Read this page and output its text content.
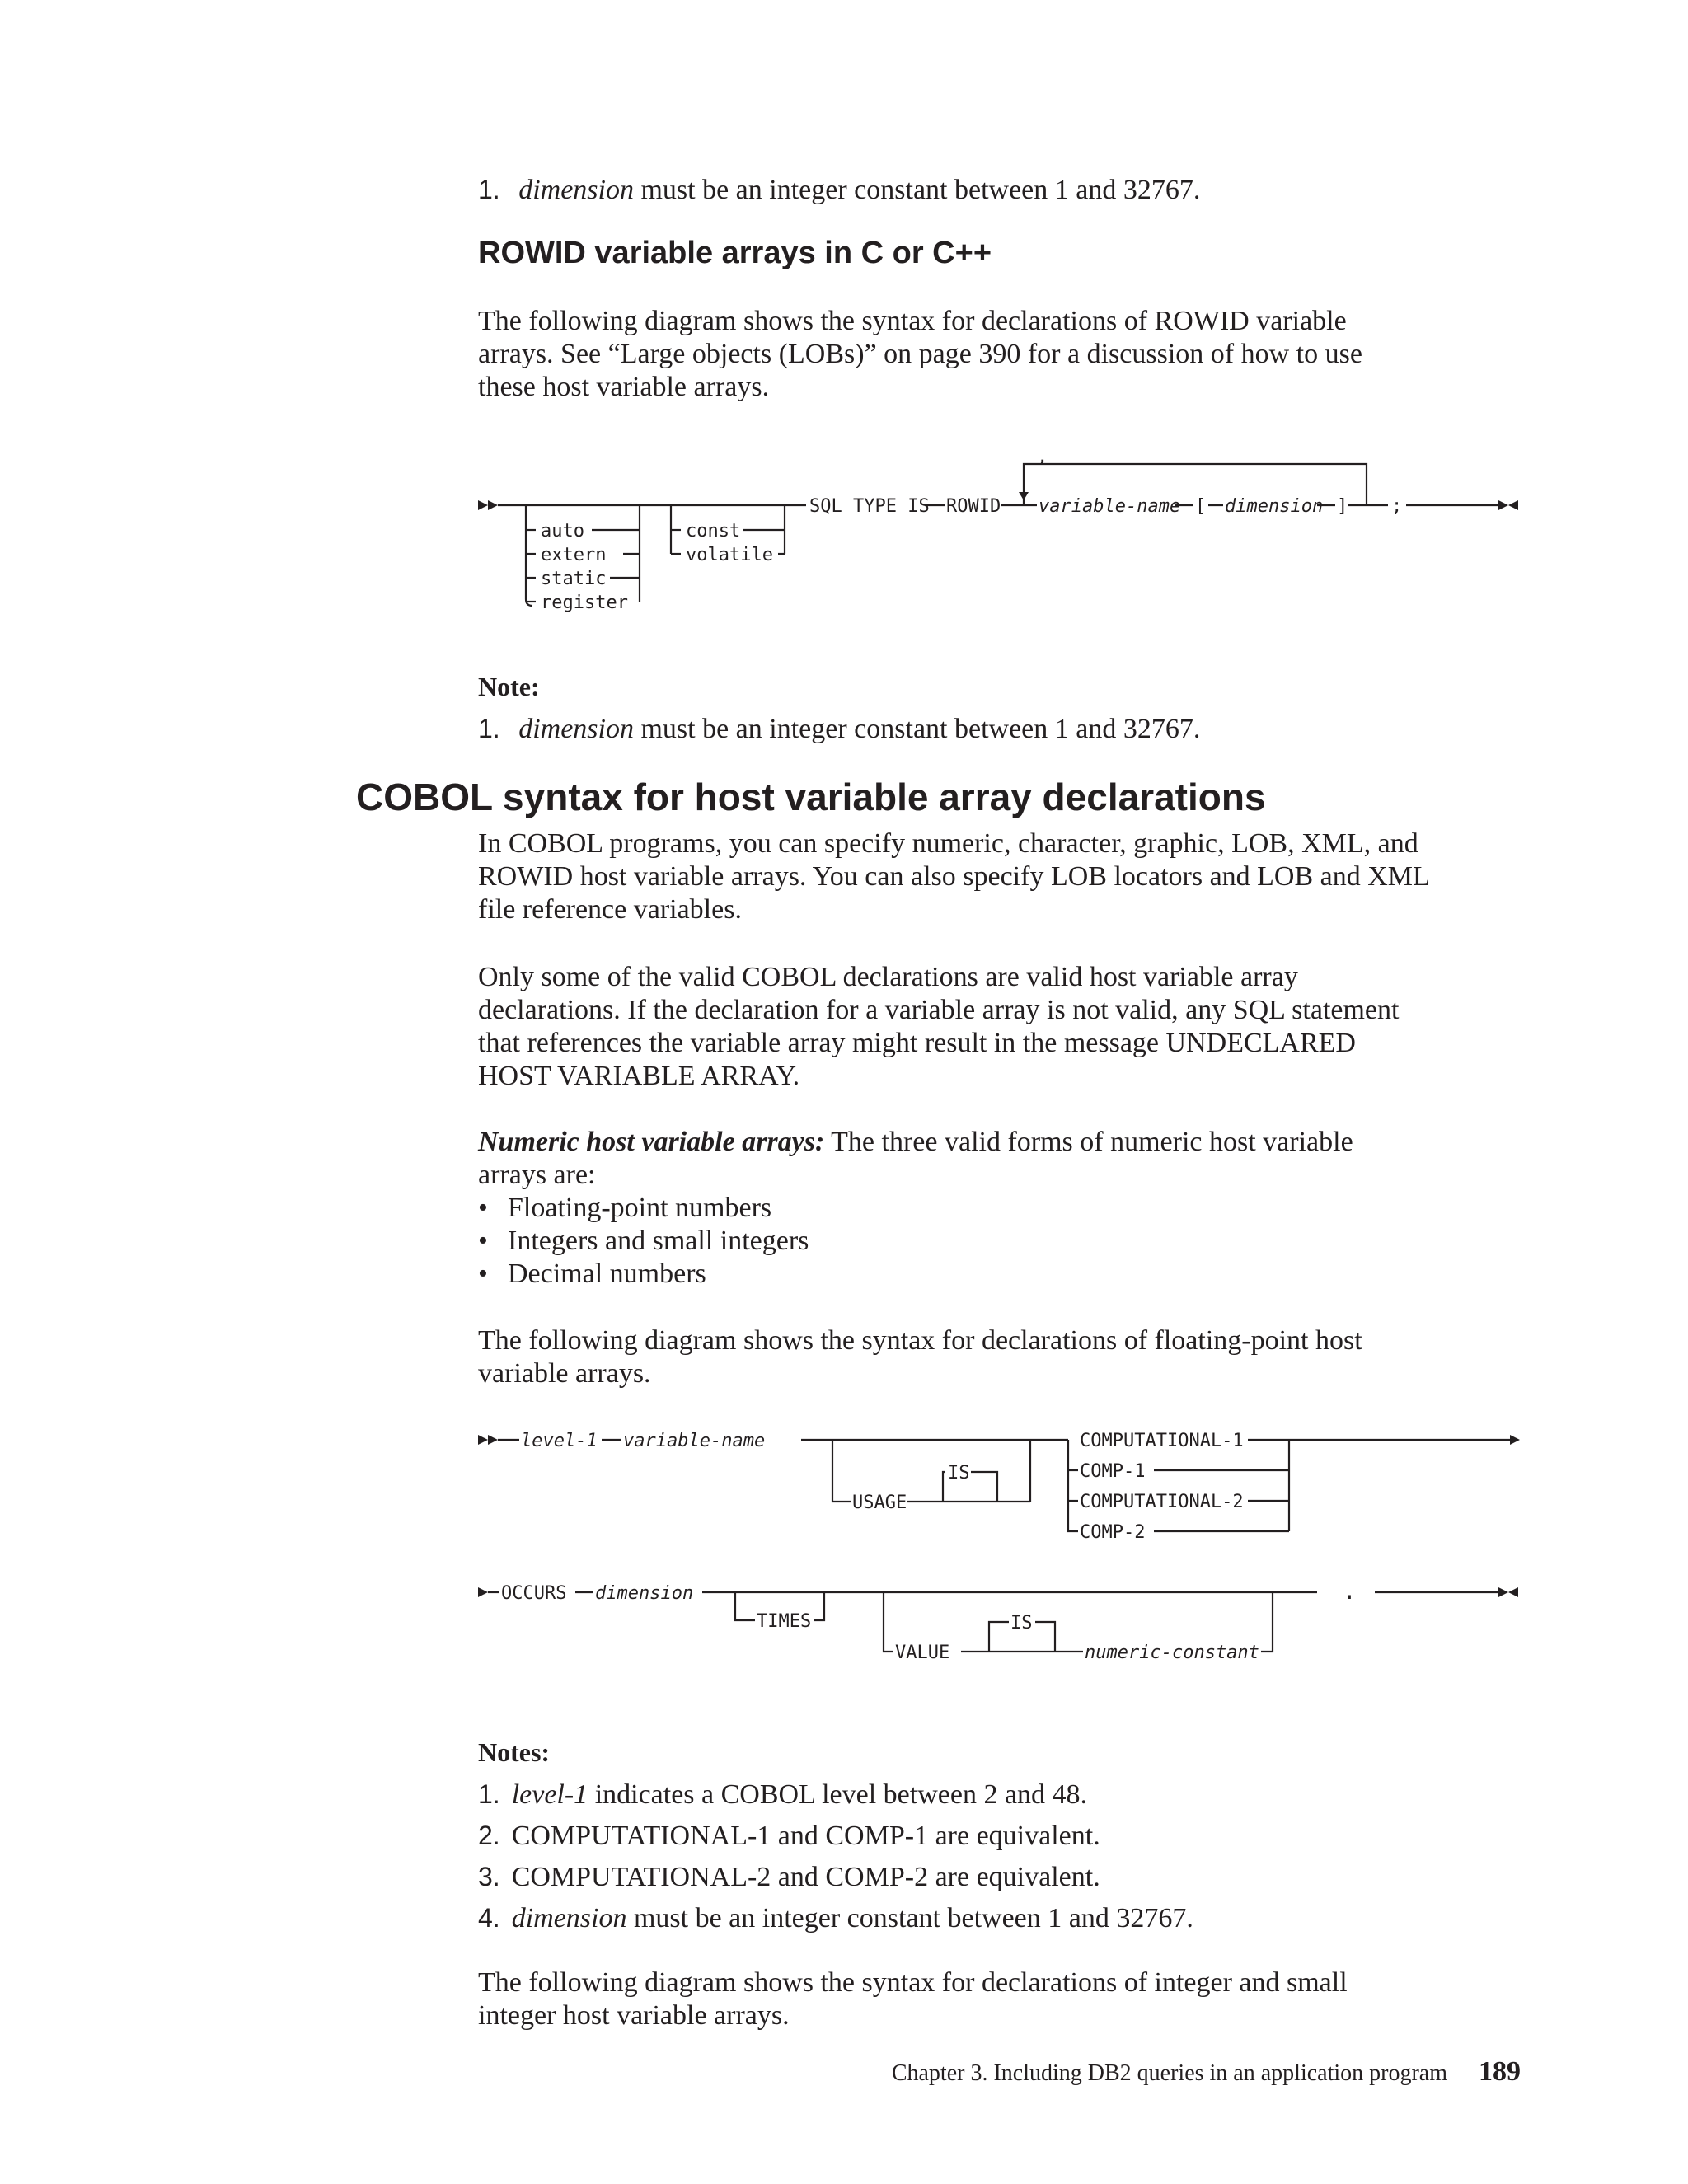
1. dimension must be an integer constant between 1 and 32767.
ROWID variable arrays in C or C++
The following diagram shows the syntax for declarations of ROWID variable
arrays. See “Large objects (LOBs)” on page 390 for a discussion of how to use
these host variable arrays.
auto
extern
static
register
const
volatile
SQL TYPE IS ROWID
,
variable-name [ dimension ] ;
Note:
1. dimension must be an integer constant between 1 and 32767.
COBOL syntax for host variable array declarations
In COBOL programs, you can specify numeric, character, graphic, LOB, XML, and
ROWID host variable arrays. You can also specify LOB locators and LOB and XML
file reference variables.
Only some of the valid COBOL declarations are valid host variable array
declarations. If the declaration for a variable array is not valid, any SQL statement
that references the variable array might result in the message UNDECLARED
HOST VARIABLE ARRAY.
Numeric host variable arrays: The three valid forms of numeric host variable
arrays are:
• Floating-point numbers
• Integers and small integers
• Decimal numbers
The following diagram shows the syntax for declarations of floating-point host
variable arrays.
level-1 variable-name
USAGE
IS
COMPUTATIONAL-1
COMP-1
COMPUTATIONAL-2
COMP-2
OCCURS dimension
TIMES
VALUE
IS
numeric-constant
.
Notes:
1. level-1 indicates a COBOL level between 2 and 48.
2. COMPUTATIONAL-1 and COMP-1 are equivalent.
3. COMPUTATIONAL-2 and COMP-2 are equivalent.
4. dimension must be an integer constant between 1 and 32767.
The following diagram shows the syntax for declarations of integer and small
integer host variable arrays.
Chapter 3. Including DB2 queries in an application program 189
